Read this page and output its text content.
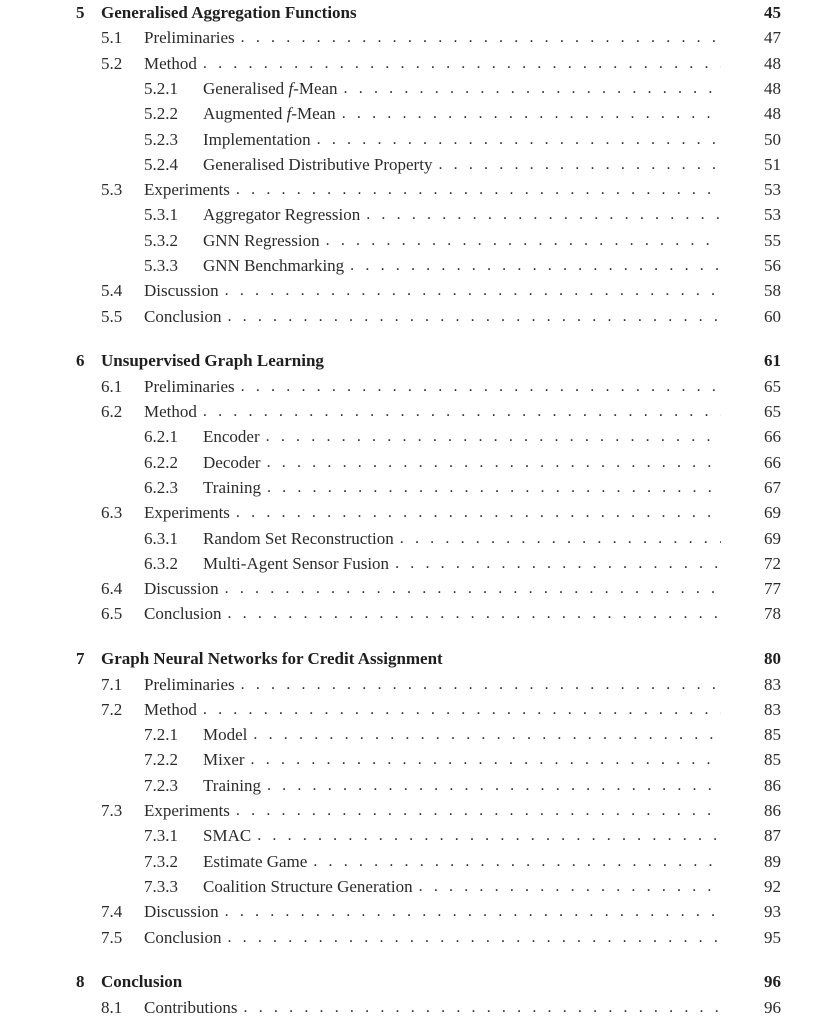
5 Generalised Aggregation Functions	45
5.1	Preliminaries . . .	47
5.2	Method . . .	48
5.2.1	Generalised f-Mean . . .	48
5.2.2	Augmented f-Mean . . .	48
5.2.3	Implementation . . .	50
5.2.4	Generalised Distributive Property . . .	51
5.3	Experiments . . .	53
5.3.1	Aggregator Regression . . .	53
5.3.2	GNN Regression . . .	55
5.3.3	GNN Benchmarking . . .	56
5.4	Discussion . . .	58
5.5	Conclusion . . .	60
6 Unsupervised Graph Learning	61
6.1	Preliminaries . . .	65
6.2	Method . . .	65
6.2.1	Encoder . . .	66
6.2.2	Decoder . . .	66
6.2.3	Training . . .	67
6.3	Experiments . . .	69
6.3.1	Random Set Reconstruction . . .	69
6.3.2	Multi-Agent Sensor Fusion . . .	72
6.4	Discussion . . .	77
6.5	Conclusion . . .	78
7 Graph Neural Networks for Credit Assignment	80
7.1	Preliminaries . . .	83
7.2	Method . . .	83
7.2.1	Model . . .	85
7.2.2	Mixer . . .	85
7.2.3	Training . . .	86
7.3	Experiments . . .	86
7.3.1	SMAC . . .	87
7.3.2	Estimate Game . . .	89
7.3.3	Coalition Structure Generation . . .	92
7.4	Discussion . . .	93
7.5	Conclusion . . .	95
8 Conclusion	96
8.1	Contributions . . .	96
